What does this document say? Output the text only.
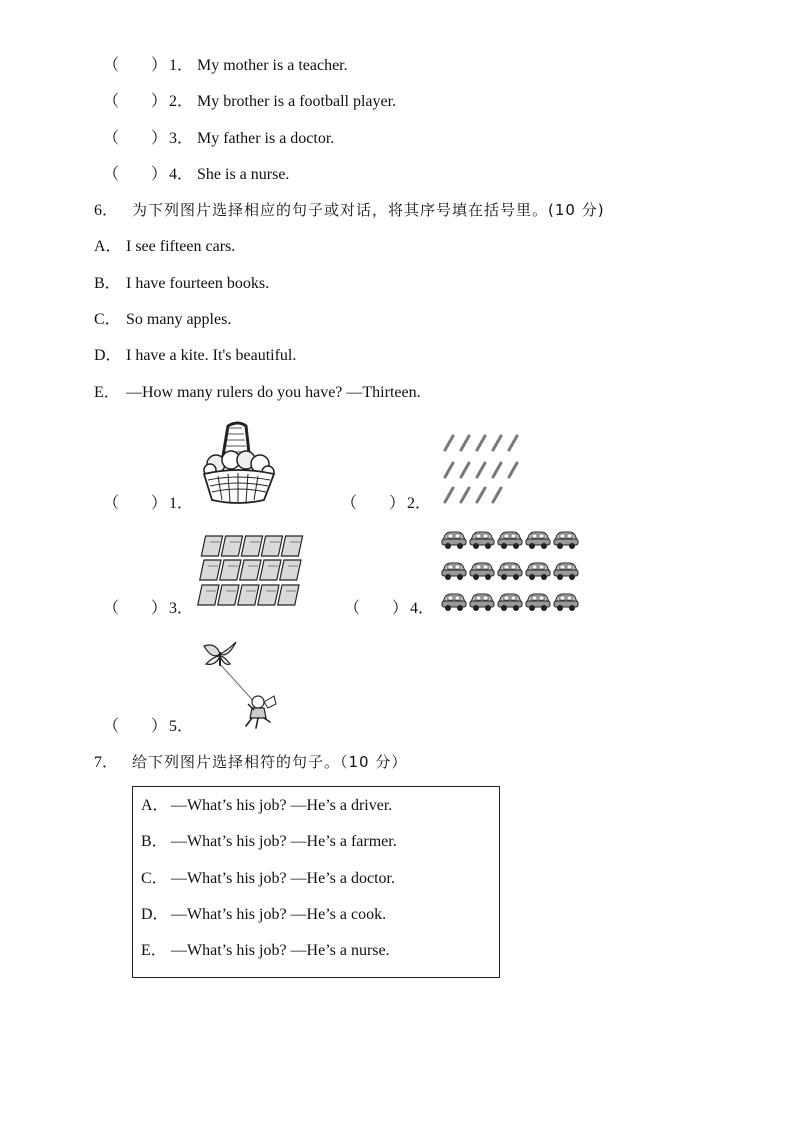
（ ） 1． My mother is a teacher.
（ ） 2． My brother is a football player.
（ ） 3． My father is a doctor.
（ ） 4． She is a nurse.
6． 为下列图片选择相应的句子或对话，将其序号填在括号里。(10 分)
A． I see fifteen cars.
B． I have fourteen books.
C． So many apples.
D． I have a kite. It's beautiful.
E． —How many rulers do you have? —Thirteen.
（ ） 1．	（ ） 2．
（ ） 3．	（ ） 4．
（ ） 5．
7． 给下列图片选择相符的句子。（10 分）
A． —What’s his job? —He’s a driver.
B． —What’s his job? —He’s a farmer.
C． —What’s his job? —He’s a doctor.
D． —What’s his job? —He’s a cook.
E． —What’s his job? —He’s a nurse.
